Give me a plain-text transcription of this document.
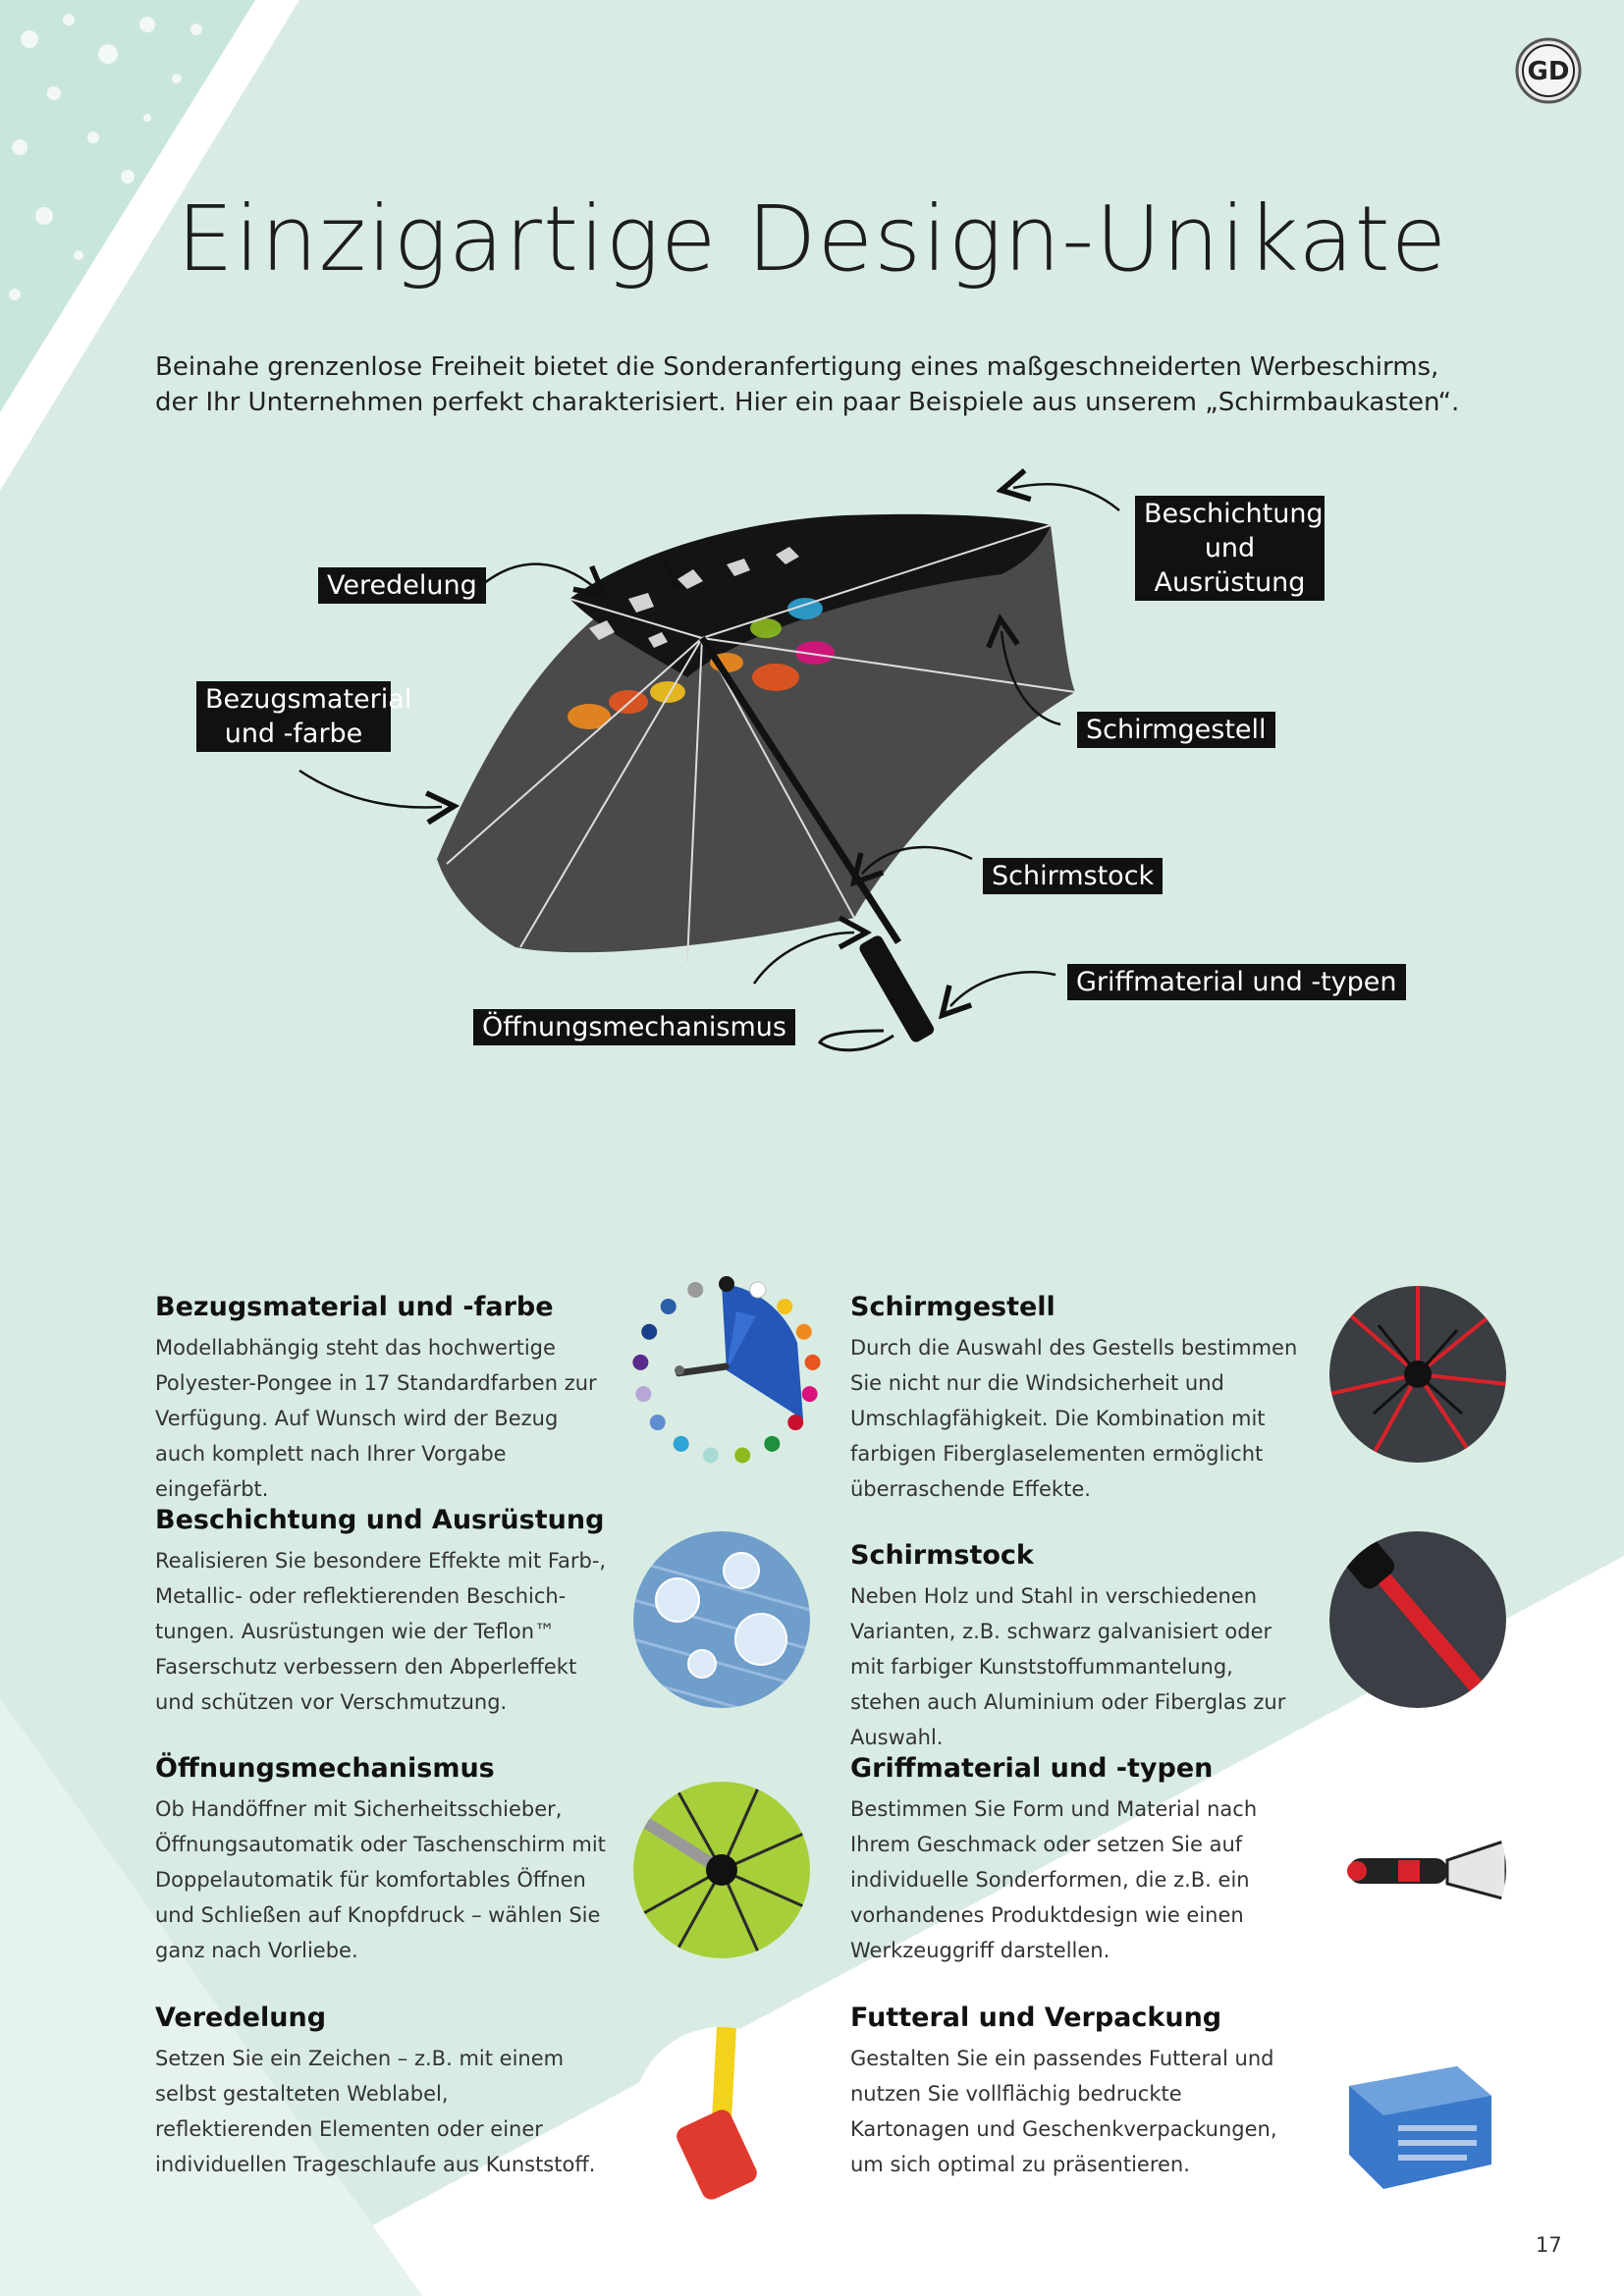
GD
Einzigartige Design-Unikate

Beinahe grenzenlose Freiheit bietet die Sonderanfertigung eines maßgeschneiderten Werbeschirms, der Ihr Unternehmen perfekt charakterisiert. Hier ein paar Beispiele aus unserem „Schirmbaukasten“.

Beschichtung und Ausrüstung
Veredelung
Bezugsmaterial und -farbe	Schirmgestell
Schirmstock
Griffmaterial und -typen
Öffnungsmechanismus
Bezugsmaterial und -farbe

Modellabhängig steht das hochwertige Polyester-Pongee in 17 Standardfarben zur Verfügung. Auf Wunsch wird der Bezug auch komplett nach Ihrer Vorgabe eingefärbt.

Beschichtung und Ausrüstung

Realisieren Sie besondere Effekte mit Farb-, Metallic- oder reflektierenden Beschich-tungen. Ausrüstungen wie der Teflon™ Faserschutz verbessern den Abperleffekt und schützen vor Verschmutzung.

Öffnungsmechanismus

Ob Handöffner mit Sicherheitsschieber, Öffnungsautomatik oder Taschenschirm mit Doppelautomatik für komfortables Öffnen und Schließen auf Knopfdruck – wählen Sie ganz nach Vorliebe.

Veredelung

Setzen Sie ein Zeichen – z.B. mit einem selbst gestalteten Weblabel, reflektierenden Elementen oder einer individuellen Trageschlaufe aus Kunststoff.

Schirmgestell

Durch die Auswahl des Gestells bestimmen Sie nicht nur die Windsicherheit und Umschlagfähigkeit. Die Kombination mit farbigen Fiberglaselementen ermöglicht überraschende Effekte.

Schirmstock

Neben Holz und Stahl in verschiedenen Varianten, z.B. schwarz galvanisiert oder mit farbiger Kunststoffummantelung, stehen auch Aluminium oder Fiberglas zur Auswahl.

Griffmaterial und -typen

Bestimmen Sie Form und Material nach Ihrem Geschmack oder setzen Sie auf individuelle Sonderformen, die z.B. ein vorhandenes Produktdesign wie einen Werkzeuggriff darstellen.

Futteral und Verpackung

Gestalten Sie ein passendes Futteral und nutzen Sie vollflächig bedruckte Kartonagen und Geschenkverpackungen, um sich optimal zu präsentieren.

17
